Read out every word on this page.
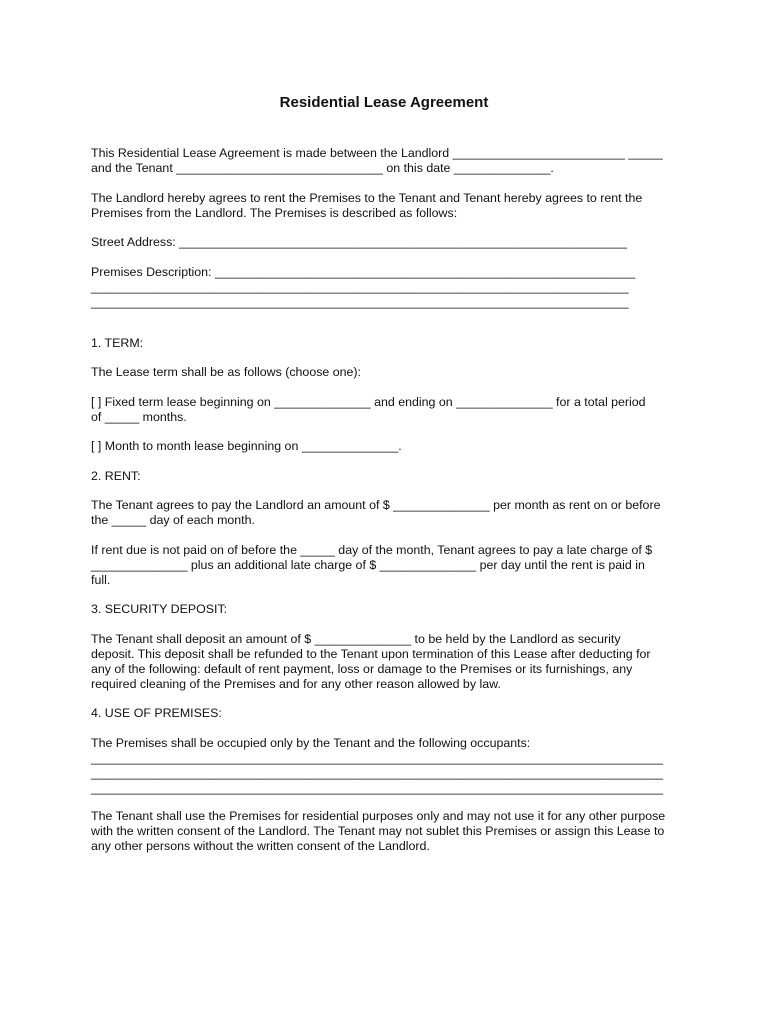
Residential Lease Agreement
This Residential Lease Agreement is made between the Landlord _________________________ _____
and the Tenant ______________________________ on this date ______________.
The Landlord hereby agrees to rent the Premises to the Tenant and Tenant hereby agrees to rent the
Premises from the Landlord. The Premises is described as follows:
Street Address: _________________________________________________________________
Premises Description: _____________________________________________________________
______________________________________________________________________________
______________________________________________________________________________
1. TERM:
The Lease term shall be as follows (choose one):
[ ] Fixed term lease beginning on ______________ and ending on ______________ for a total period
of _____ months.
[ ] Month to month lease beginning on ______________.
2. RENT:
The Tenant agrees to pay the Landlord an amount of $ ______________ per month as rent on or before
the _____ day of each month.
If rent due is not paid on of before the _____ day of the month, Tenant agrees to pay a late charge of $
______________ plus an additional late charge of $ ______________ per day until the rent is paid in
full.
3. SECURITY DEPOSIT:
The Tenant shall deposit an amount of $ ______________ to be held by the Landlord as security
deposit. This deposit shall be refunded to the Tenant upon termination of this Lease after deducting for
any of the following: default of rent payment, loss or damage to the Premises or its furnishings, any
required cleaning of the Premises and for any other reason allowed by law.
4. USE OF PREMISES:
The Premises shall be occupied only by the Tenant and the following occupants:
___________________________________________________________________________________
___________________________________________________________________________________
___________________________________________________________________________________
The Tenant shall use the Premises for residential purposes only and may not use it for any other purpose
with the written consent of the Landlord. The Tenant may not sublet this Premises or assign this Lease to
any other persons without the written consent of the Landlord.
